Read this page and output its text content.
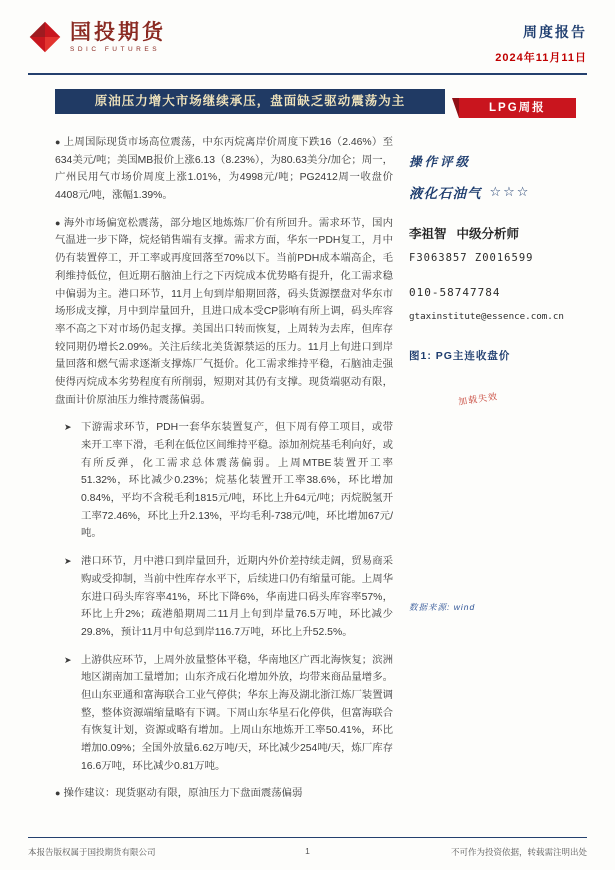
国投期货
SDIC FUTURES
周度报告
2024年11月11日
原油压力增大市场继续承压，盘面缺乏驱动震荡为主	LPG周报
● 上周国际现货市场高位震荡，中东丙烷离岸价周度下跌16（2.46%）至634美元/吨；美国MB报价上涨6.13（8.23%），为80.63美分/加仑；周一，广州民用气市场价周度上涨1.01%，为4998元/吨；PG2412周一收盘价4408元/吨，涨幅1.39%。
● 海外市场偏宽松震荡，部分地区地炼炼厂价有所回升。需求环节，国内气温进一步下降，烷烃销售端有支撑。需求方面，华东一PDH复工，月中仍有装置停工，开工率或再度回落至70%以下。当前PDH成本端高企，毛利维持低位，但近期石脑油上行之下丙烷成本优势略有提升，化工需求稳中偏弱为主。港口环节，11月上旬到岸船期回落，码头货源摆盘对华东市场形成支撑，月中到岸量回升，且进口成本受CP影响有所上调，码头库容率不高之下对市场仍起支撑。美国出口转而恢复，上周转为去库，但库存较同期仍增长2.09%。关注后续北美货源禁运的压力。11月上旬进口到岸量回落和燃气需求逐渐支撑炼厂气挺价。化工需求维持平稳，石脑油走强使得丙烷成本劣势程度有所削弱，短期对其仍有支撑。现货端驱动有限，盘面计价原油压力维持震荡偏弱。
➤ 下游需求环节，PDH一套华东装置复产，但下周有停工项目，或带来开工率下滑，毛利在低位区间维持平稳。添加剂烷基毛利向好，或有所反弹，化工需求总体震荡偏弱。上周MTBE装置开工率51.32%，环比减少0.23%；烷基化装置开工率38.6%，环比增加0.84%，平均不含税毛利1815元/吨，环比上升64元/吨；丙烷脱氢开工率72.46%，环比上升2.13%，平均毛利-738元/吨，环比增加67元/吨。
➤ 港口环节，月中港口到岸量回升，近期内外价差持续走阔，贸易商采购或受抑制，当前中性库存水平下，后续进口仍有缩量可能。上周华东进口码头库容率41%，环比下降6%，华南进口码头库容率57%，环比上升2%；疏港船期周二11月上旬到岸量76.5万吨，环比减少29.8%，预计11月中旬总到岸116.7万吨，环比上升52.5%。
➤ 上游供应环节，上周外放量整体平稳，华南地区广西北海恢复；滨洲地区湖南加工量增加；山东齐成石化增加外放，均带来商品量增多。但山东亚通和富海联合工业气停供；华东上海及湖北浙江炼厂装置调整，整体资源端缩量略有下调。下周山东华星石化停供，但富海联合有恢复计划，资源或略有增加。上周山东地炼开工率50.41%，环比增加0.09%；全国外放量6.62万吨/天，环比减少254吨/天，炼厂库存16.6万吨，环比减少0.81万吨。
● 操作建议：现货驱动有限，原油压力下盘面震荡偏弱
操作评级
液化石油气 ☆☆☆
李祖智 中级分析师
F3063857 Z0016599
010-58747784
gtaxinstitute@essence.com.cn
图1: PG主连收盘价
加载失效
数据来源: wind
本报告版权属于国投期货有限公司	1	不可作为投资依据，转载需注明出处
